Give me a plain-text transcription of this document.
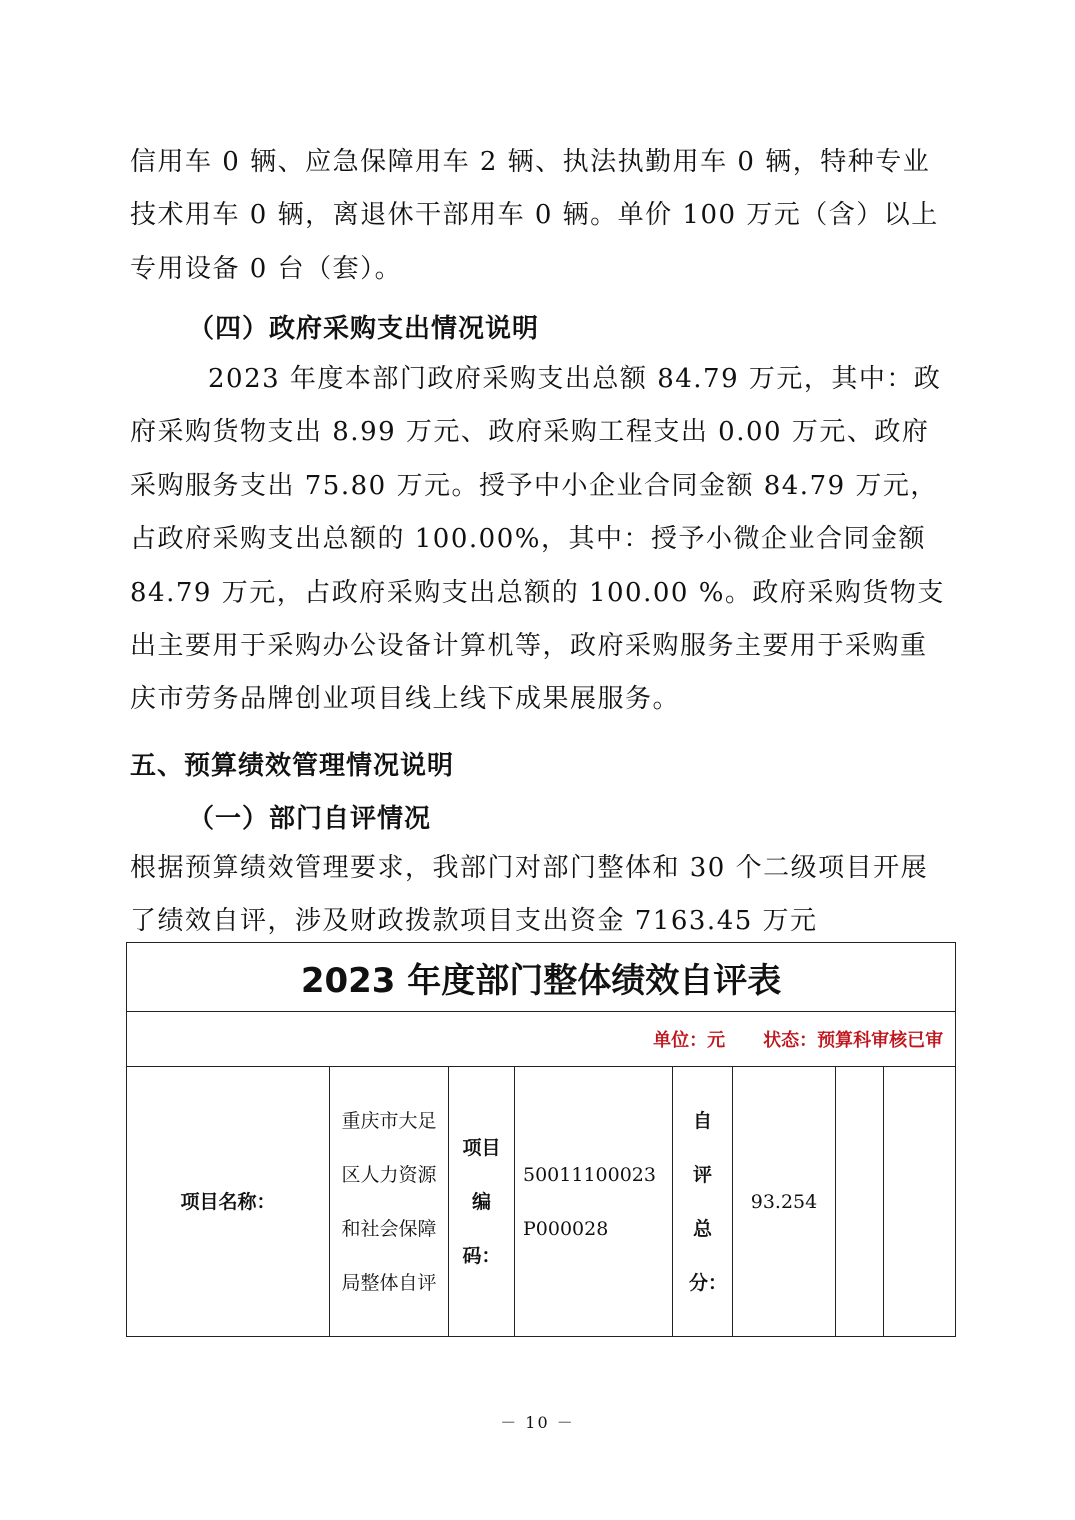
信用车 0 辆、应急保障用车 2 辆、执法执勤用车 0 辆，特种专业技术用车 0 辆，离退休干部用车 0 辆。单价 100 万元（含）以上专用设备 0 台（套）。

（四）政府采购支出情况说明

2023 年度本部门政府采购支出总额 84.79 万元，其中：政府采购货物支出 8.99 万元、政府采购工程支出 0.00 万元、政府采购服务支出 75.80 万元。授予中小企业合同金额 84.79 万元，占政府采购支出总额的 100.00%，其中：授予小微企业合同金额 84.79 万元，占政府采购支出总额的 100.00 %。政府采购货物支出主要用于采购办公设备计算机等，政府采购服务主要用于采购重庆市劳务品牌创业项目线上线下成果展服务。

五、预算绩效管理情况说明

（一）部门自评情况

根据预算绩效管理要求，我部门对部门整体和 30 个二级项目开展了绩效自评，涉及财政拨款项目支出资金 7163.45 万元

2023 年度部门整体绩效自评表
单位：元 状态：预算科审核已审
项目名称：	重庆市大足区人力资源和社会保障局整体自评	项目编码：	50011100023P000028	自评总分：	93.254		
－ 10 －
